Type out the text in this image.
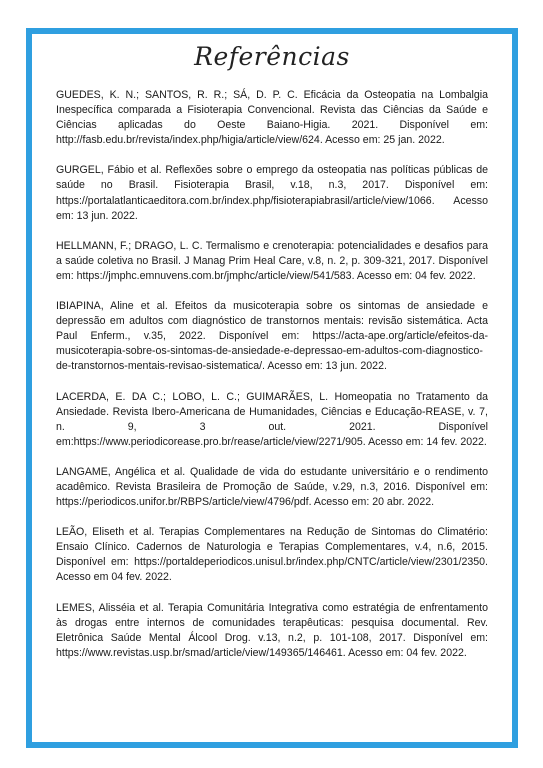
Referências

GUEDES, K. N.; SANTOS, R. R.; SÁ, D. P. C. Eficácia da Osteopatia na Lombalgia Inespecífica comparada a Fisioterapia Convencional. Revista das Ciências da Saúde e Ciências aplicadas do Oeste Baiano-Higia. 2021. Disponível em: http://fasb.edu.br/revista/index.php/higia/article/view/624. Acesso em: 25 jan. 2022.

GURGEL, Fábio et al. Reflexões sobre o emprego da osteopatia nas políticas públicas de saúde no Brasil. Fisioterapia Brasil, v.18, n.3, 2017. Disponível em: https://portalatlanticaeditora.com.br/index.php/fisioterapiabrasil/article/view/1066. Acesso em: 13 jun. 2022.

HELLMANN, F.; DRAGO, L. C. Termalismo e crenoterapia: potencialidades e desafios para a saúde coletiva no Brasil. J Manag Prim Heal Care, v.8, n. 2, p. 309-321, 2017. Disponível em: https://jmphc.emnuvens.com.br/jmphc/article/view/541/583. Acesso em: 04 fev. 2022.

IBIAPINA, Aline et al. Efeitos da musicoterapia sobre os sintomas de ansiedade e depressão em adultos com diagnóstico de transtornos mentais: revisão sistemática. Acta Paul Enferm., v.35, 2022. Disponível em: https://acta-ape.org/article/efeitos-da-musicoterapia-sobre-os-sintomas-de-ansiedade-e-depressao-em-adultos-com-diagnostico-de-transtornos-mentais-revisao-sistematica/. Acesso em: 13 jun. 2022.

LACERDA, E. DA C.; LOBO, L. C.; GUIMARÃES, L. Homeopatia no Tratamento da Ansiedade. Revista Ibero-Americana de Humanidades, Ciências e Educação-REASE, v. 7, n. 9, 3 out. 2021. Disponível em:https://www.periodicorease.pro.br/rease/article/view/2271/905. Acesso em: 14 fev. 2022.

LANGAME, Angélica et al. Qualidade de vida do estudante universitário e o rendimento acadêmico. Revista Brasileira de Promoção de Saúde, v.29, n.3, 2016. Disponível em: https://periodicos.unifor.br/RBPS/article/view/4796/pdf. Acesso em: 20 abr. 2022.

LEÃO, Eliseth et al. Terapias Complementares na Redução de Sintomas do Climatério: Ensaio Clínico. Cadernos de Naturologia e Terapias Complementares, v.4, n.6, 2015. Disponível em: https://portaldeperiodicos.unisul.br/index.php/CNTC/article/view/2301/2350. Acesso em 04 fev. 2022.

LEMES, Alisséia et al. Terapia Comunitária Integrativa como estratégia de enfrentamento às drogas entre internos de comunidades terapêuticas: pesquisa documental. Rev. Eletrônica Saúde Mental Álcool Drog. v.13, n.2, p. 101-108, 2017. Disponível em: https://www.revistas.usp.br/smad/article/view/149365/146461. Acesso em: 04 fev. 2022.
